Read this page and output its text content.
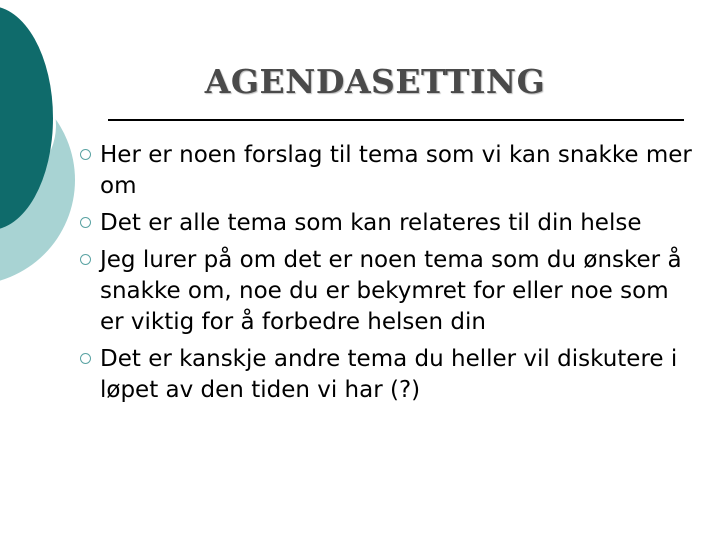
AGENDASETTING
Her er noen forslag til tema som vi kan snakke mer om
Det er alle tema som kan relateres til din helse
Jeg lurer på om det er noen tema som du ønsker å snakke om, noe du er bekymret for eller noe som er viktig for å forbedre helsen din
Det er kanskje andre tema du heller vil diskutere i løpet av den tiden vi har (?)
